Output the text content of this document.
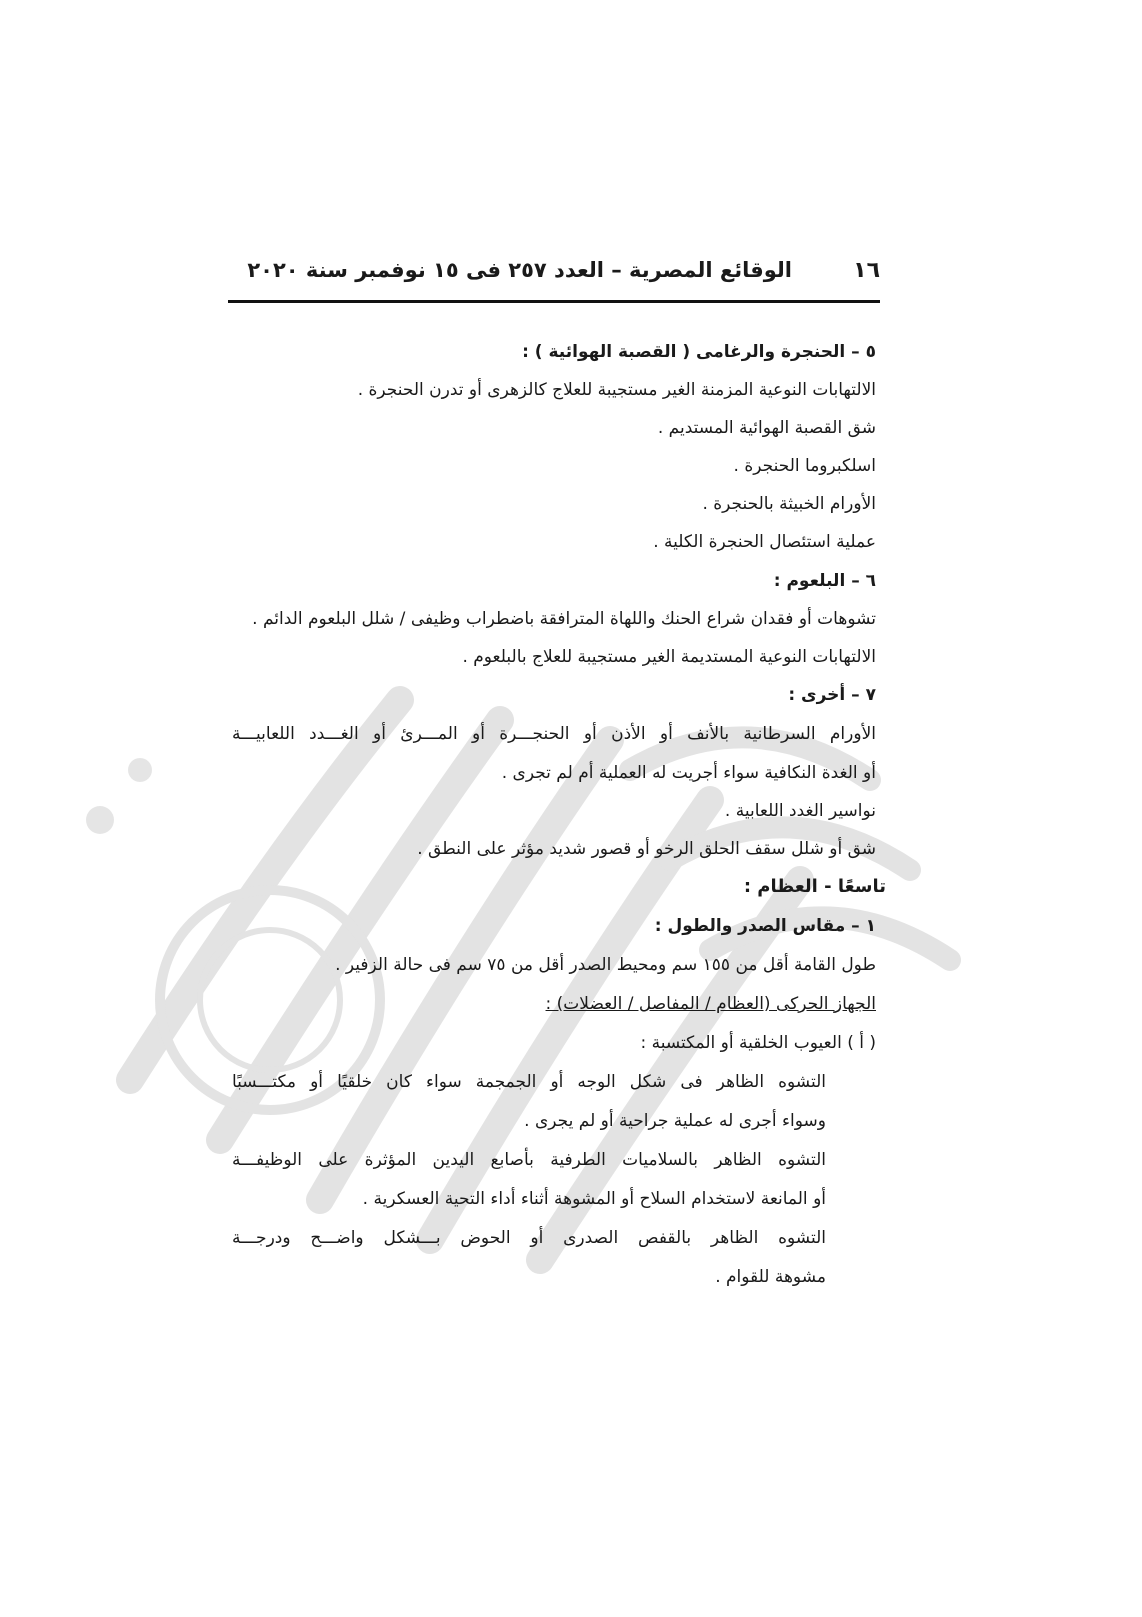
١٦
الوقائع المصرية – العدد ٢٥٧ فى ١٥ نوفمبر سنة ٢٠٢٠
٥ – الحنجرة والرغامى ( القصبة الهوائية ) :
الالتهابات النوعية المزمنة الغير مستجيبة للعلاج كالزهرى أو تدرن الحنجرة .
شق القصبة الهوائية المستديم .
اسلكبروما الحنجرة .
الأورام الخبيثة بالحنجرة .
عملية استئصال الحنجرة الكلية .
٦ – البلعوم :
تشوهات أو فقدان شراع الحنك واللهاة المترافقة باضطراب وظيفى / شلل البلعوم الدائم .
الالتهابات النوعية المستديمة الغير مستجيبة للعلاج بالبلعوم .
٧ – أخرى :
الأورام السرطانية بالأنف أو الأذن أو الحنجـــرة أو المـــرئ أو الغـــدد اللعابيـــة
أو الغدة النكافية سواء أجريت له العملية أم لم تجرى .
نواسير الغدد اللعابية .
شق أو شلل سقف الحلق الرخو أو قصور شديد مؤثر على النطق .
تاسعًا - العظام :
١ – مقاس الصدر والطول :
طول القامة أقل من ١٥٥ سم ومحيط الصدر أقل من ٧٥ سم فى حالة الزفير .
الجهاز الحركى (العظام / المفاصل / العضلات) :
( أ ) العيوب الخلقية أو المكتسبة :
التشوه الظاهر فى شكل الوجه أو الجمجمة سواء كان خلقيًا أو مكتـــسبًا
وسواء أجرى له عملية جراحية أو لم يجرى .
التشوه الظاهر بالسلاميات الطرفية بأصابع اليدين المؤثرة على الوظيفـــة
أو المانعة لاستخدام السلاح أو المشوهة أثناء أداء التحية العسكرية .
التشوه الظاهر بالقفص الصدرى أو الحوض بـــشكل واضـــح ودرجـــة
مشوهة للقوام .
